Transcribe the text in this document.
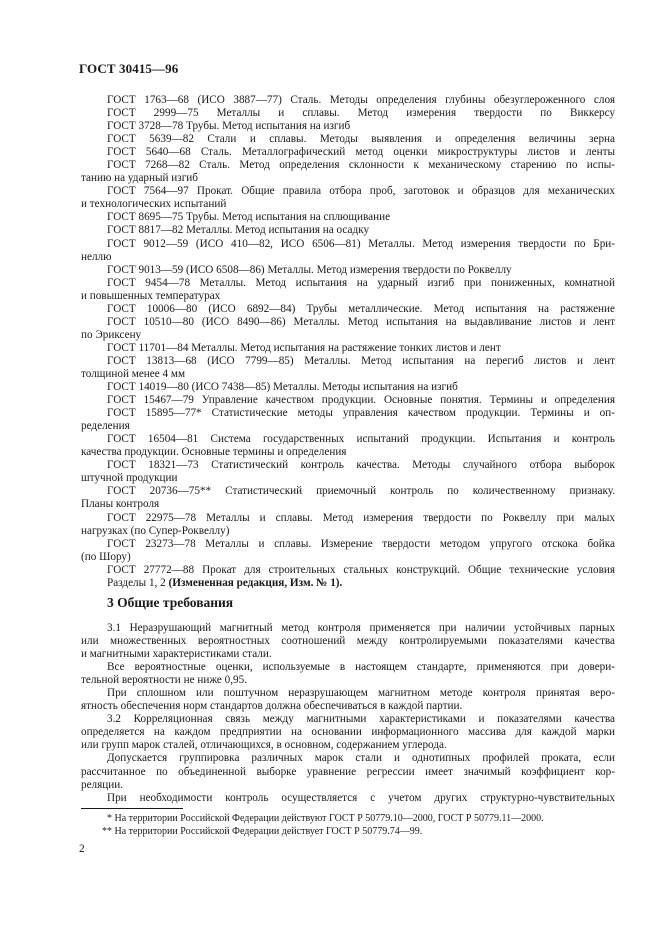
ГОСТ 30415—96

ГОСТ 1763—68 (ИСО 3887—77) Сталь. Методы определения глубины обезуглероженного слоя

ГОСТ 2999—75 Металлы и сплавы. Метод измерения твердости по Виккерсу

ГОСТ 3728—78 Трубы. Метод испытания на изгиб

ГОСТ 5639—82 Стали и сплавы. Методы выявления и определения величины зерна

ГОСТ 5640—68 Сталь. Металлографический метод оценки микроструктуры листов и ленты

ГОСТ 7268—82 Сталь. Метод определения склонности к механическому старению по испы-

танию на ударный изгиб

ГОСТ 7564—97 Прокат. Общие правила отбора проб, заготовок и образцов для механических

и технологических испытаний

ГОСТ 8695—75 Трубы. Метод испытания на сплющивание

ГОСТ 8817—82 Металлы. Метод испытания на осадку

ГОСТ 9012—59 (ИСО 410—82, ИСО 6506—81) Металлы. Метод измерения твердости по Бри-

неллю

ГОСТ 9013—59 (ИСО 6508—86) Металлы. Метод измерения твердости по Роквеллу

ГОСТ 9454—78 Металлы. Метод испытания на ударный изгиб при пониженных, комнатной

и повышенных температурах

ГОСТ 10006—80 (ИСО 6892—84) Трубы металлические. Метод испытания на растяжение

ГОСТ 10510—80 (ИСО 8490—86) Металлы. Метод испытания на выдавливание листов и лент

по Эриксену

ГОСТ 11701—84 Металлы. Метод испытания на растяжение тонких листов и лент

ГОСТ 13813—68 (ИСО 7799—85) Металлы. Метод испытания на перегиб листов и лент

толщиной менее 4 мм

ГОСТ 14019—80 (ИСО 7438—85) Металлы. Методы испытания на изгиб

ГОСТ 15467—79 Управление качеством продукции. Основные понятия. Термины и определения

ГОСТ 15895—77* Статистические методы управления качеством продукции. Термины и оп-

ределения

ГОСТ 16504—81 Система государственных испытаний продукции. Испытания и контроль

качества продукции. Основные термины и определения

ГОСТ 18321—73 Статистический контроль качества. Методы случайного отбора выборок

штучной продукции

ГОСТ 20736—75** Статистический приемочный контроль по количественному признаку.

Планы контроля

ГОСТ 22975—78 Металлы и сплавы. Метод измерения твердости по Роквеллу при малых

нагрузках (по Супер-Роквеллу)

ГОСТ 23273—78 Металлы и сплавы. Измерение твердости методом упругого отскока бойка

(по Шору)

ГОСТ 27772—88 Прокат для строительных стальных конструкций. Общие технические условия

Разделы 1, 2 (Измененная редакция, Изм. № 1).

3 Общие требования

3.1 Неразрушающий магнитный метод контроля применяется при наличии устойчивых парных

или множественных вероятностных соотношений между контролируемыми показателями качества

и магнитными характеристиками стали.

Все вероятностные оценки, используемые в настоящем стандарте, применяются при довери-

тельной вероятности не ниже 0,95.

При сплошном или поштучном неразрушающем магнитном методе контроля принятая веро-

ятность обеспечения норм стандартов должна обеспечиваться в каждой партии.

3.2 Корреляционная связь между магнитными характеристиками и показателями качества

определяется на каждом предприятии на основании информационного массива для каждой марки

или групп марок сталей, отличающихся, в основном, содержанием углерода.

Допускается группировка различных марок стали и однотипных профилей проката, если

рассчитанное по объединенной выборке уравнение регрессии имеет значимый коэффициент кор-

реляции.

При необходимости контроль осуществляется с учетом других структурно-чувствительных

* На территории Российской Федерации действуют ГОСТ Р 50779.10—2000, ГОСТ Р 50779.11—2000.

** На территории Российской Федерации действует ГОСТ Р 50779.74—99.

2
